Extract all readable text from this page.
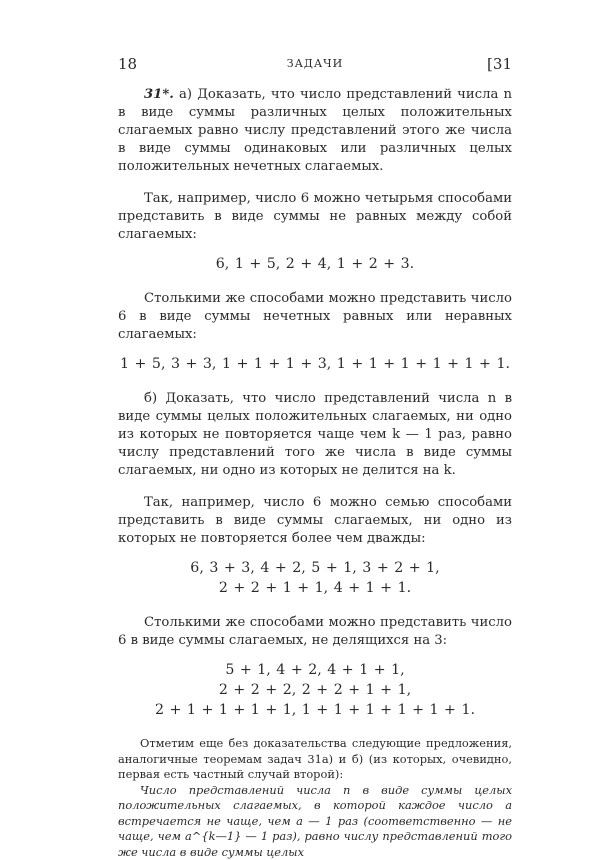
18	ЗАДАЧИ	[31

31*. а) Доказать, что число представлений числа n в виде суммы различных целых положительных слагаемых равно числу представлений этого же числа в виде суммы одинаковых или различных целых положительных нечетных слагаемых.

Так, например, число 6 можно четырьмя способами представить в виде суммы не равных между собой слагаемых:

6, 1 + 5, 2 + 4, 1 + 2 + 3.

Столькими же способами можно представить число 6 в виде суммы нечетных равных или неравных слагаемых:

1 + 5, 3 + 3, 1 + 1 + 1 + 3, 1 + 1 + 1 + 1 + 1 + 1.

б) Доказать, что число представлений числа n в виде суммы целых положительных слагаемых, ни одно из которых не повторяется чаще чем k — 1 раз, равно числу представлений того же числа в виде суммы слагаемых, ни одно из которых не делится на k.

Так, например, число 6 можно семью способами представить в виде суммы слагаемых, ни одно из которых не повторяется более чем дважды:

6, 3 + 3, 4 + 2, 5 + 1, 3 + 2 + 1,
2 + 2 + 1 + 1, 4 + 1 + 1.

Столькими же способами можно представить число 6 в виде суммы слагаемых, не делящихся на 3:

5 + 1, 4 + 2, 4 + 1 + 1,
2 + 2 + 2, 2 + 2 + 1 + 1,
2 + 1 + 1 + 1 + 1, 1 + 1 + 1 + 1 + 1 + 1.

Отметим еще без доказательства следующие предложения, аналогичные теоремам задач 31а) и б) (из которых, очевидно, первая есть частный случай второй):

Число представлений числа n в виде суммы целых положительных слагаемых, в которой каждое число a встречается не чаще, чем a — 1 раз (соответственно — не чаще, чем a^{k—1} — 1 раз), равно числу представлений того же числа в виде суммы целых
